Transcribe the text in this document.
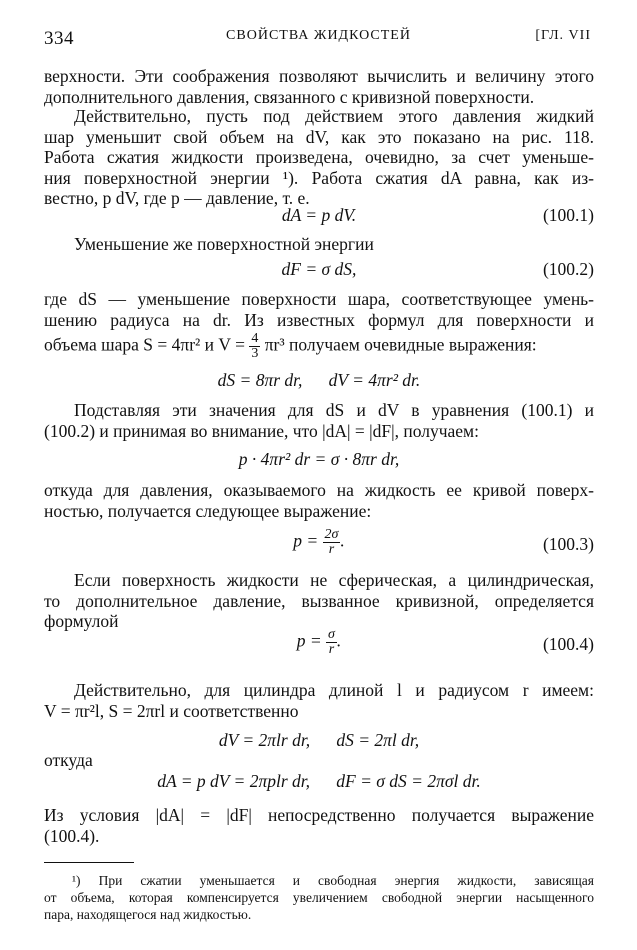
334	СВОЙСТВА ЖИДКОСТЕЙ	[ГЛ. VII
верхности. Эти соображения позволяют вычислить и величину этого
дополнительного давления, связанного с кривизной поверхности.
Действительно, пусть под действием этого давления жидкий
шар уменьшит свой объем на dV, как это показано на рис. 118.
Работа сжатия жидкости произведена, очевидно, за счет уменьше-
ния поверхностной энергии ¹). Работа сжатия dA равна, как из-
вестно, p dV, где p — давление, т. е.
dA = p dV.	(100.1)
Уменьшение же поверхностной энергии
dF = σ dS,	(100.2)
где dS — уменьшение поверхности шара, соответствующее умень-
шению радиуса на dr. Из известных формул для поверхности и
объема шара S = 4πr² и $V = \frac{4}{3} \pi r^3$ получаем очевидные выражения:
dS = 8πr dr,      dV = 4πr² dr.
Подставляя эти значения для dS и dV в уравнения (100.1) и
(100.2) и принимая во внимание, что |dA| = |dF|, получаем:
p · 4πr² dr = σ · 8πr dr,
откуда для давления, оказываемого на жидкость ее кривой поверх-
ностью, получается следующее выражение:
$p = \frac{2\sigma}{r}$ .	(100.3)
Если поверхность жидкости не сферическая, а цилиндрическая,
то дополнительное давление, вызванное кривизной, определяется
формулой
$p = \frac{\sigma}{r}$ .	(100.4)
Действительно, для цилиндра длиной l и радиусом r имеем:
V = πr²l, S = 2πrl и соответственно
dV = 2πlr dr,      dS = 2πl dr,
откуда
dA = p dV = 2πplr dr,      dF = σ dS = 2πσl dr.
Из условия |dA| = |dF| непосредственно получается выражение
(100.4).
¹) При сжатии уменьшается и свободная энергия жидкости, зависящая
от объема, которая компенсируется увеличением свободной энергии насыщенного
пара, находящегося над жидкостью.
